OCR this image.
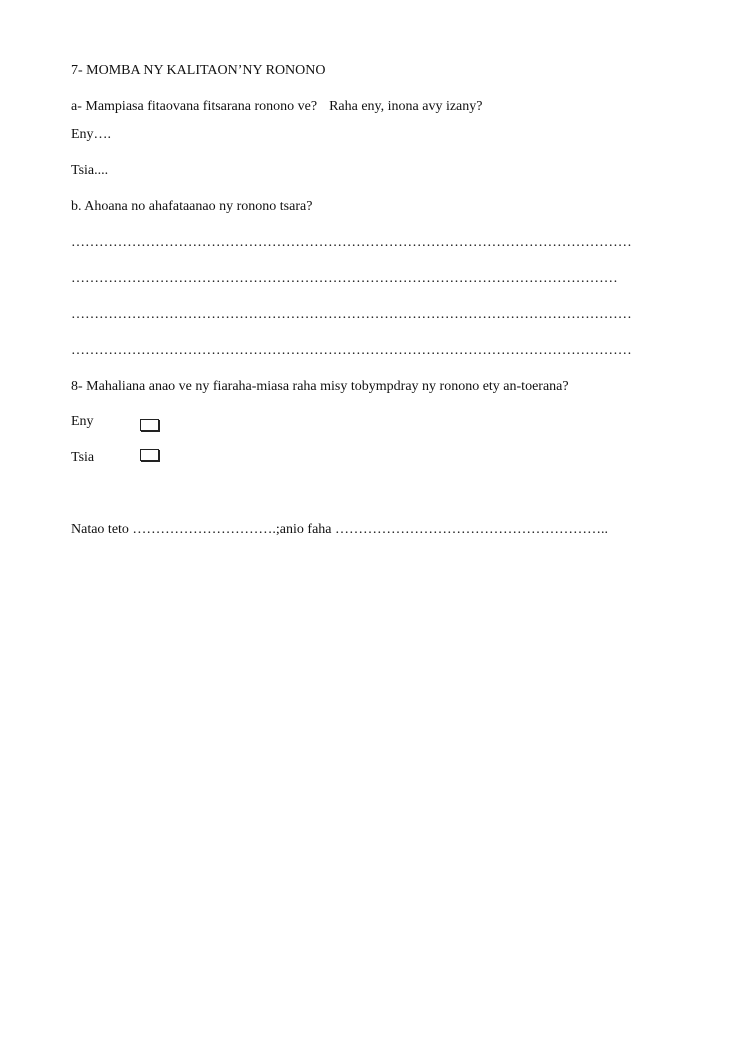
7- MOMBA NY KALITAON’NY RONONO
a- Mampiasa fitaovana fitsarana ronono ve? Raha eny, inona avy izany?
Eny….
Tsia....
b. Ahoana no ahafataanao ny ronono tsara?
…………………………………………………………………………………………………………
………………………………………………………………………………………………………
…………………………………………………………………………………………………………
…………………………………………………………………………………………………………
8- Mahaliana anao ve ny fiaraha-miasa raha misy tobympdray ny ronono ety an-toerana?
Eny
Tsia
Natao teto ………………………….;anio faha …………………………………………………..
